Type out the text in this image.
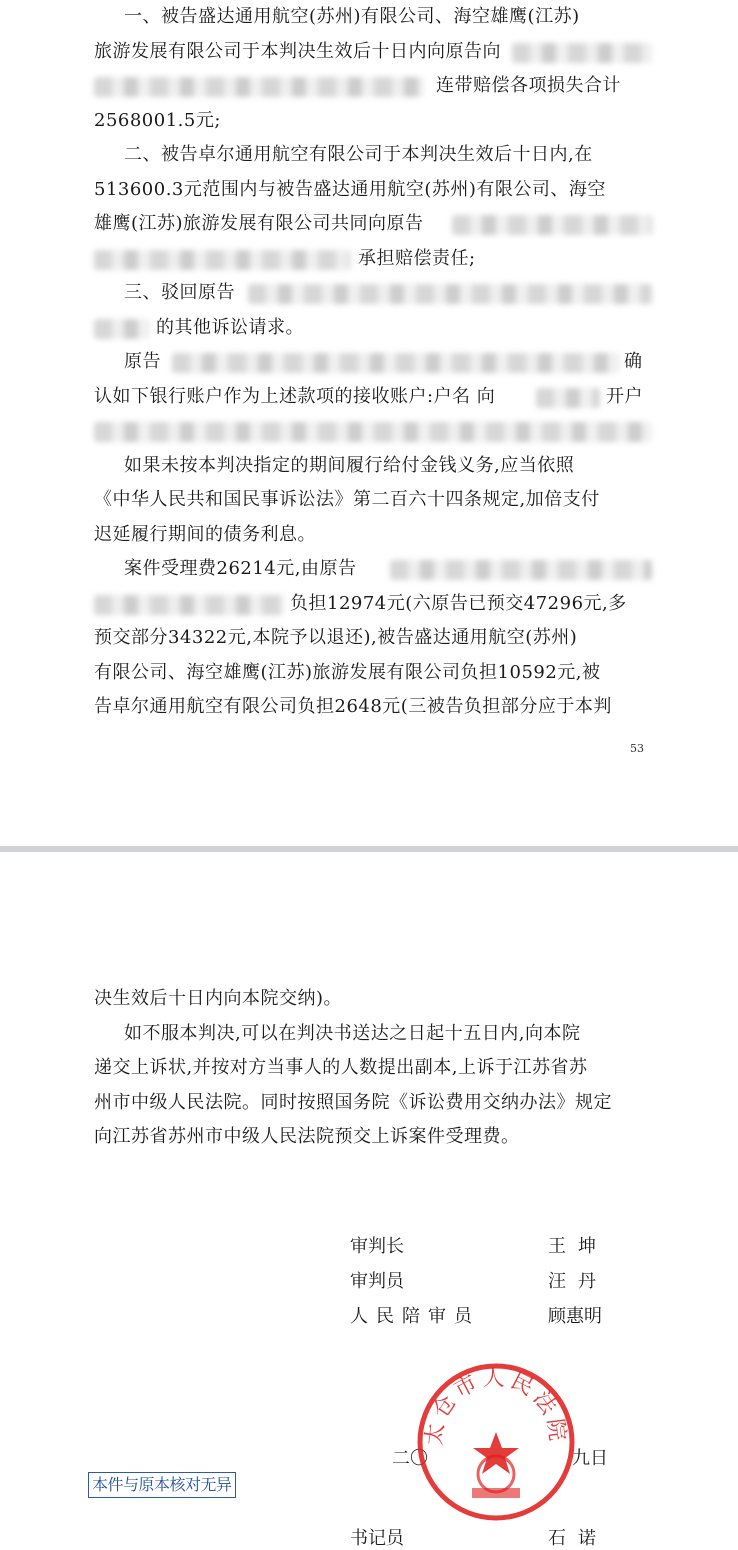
一、被告盛达通用航空(苏州)有限公司、海空雄鹰(江苏)
旅游发展有限公司于本判决生效后十日内向原告向
连带赔偿各项损失合计
2568001.5元;
二、被告卓尔通用航空有限公司于本判决生效后十日内,在
513600.3元范围内与被告盛达通用航空(苏州)有限公司、海空
雄鹰(江苏)旅游发展有限公司共同向原告
承担赔偿责任;
三、驳回原告
的其他诉讼请求。
原告	确
认如下银行账户作为上述款项的接收账户:户名 向	开户
如果未按本判决指定的期间履行给付金钱义务,应当依照
《中华人民共和国民事诉讼法》第二百六十四条规定,加倍支付
迟延履行期间的债务利息。
案件受理费26214元,由原告
负担12974元(六原告已预交47296元,多
预交部分34322元,本院予以退还),被告盛达通用航空(苏州)
有限公司、海空雄鹰(江苏)旅游发展有限公司负担10592元,被
告卓尔通用航空有限公司负担2648元(三被告负担部分应于本判
53
决生效后十日内向本院交纳)。
如不服本判决,可以在判决书送达之日起十五日内,向本院
递交上诉状,并按对方当事人的人数提出副本,上诉于江苏省苏
州市中级人民法院。同时按照国务院《诉讼费用交纳办法》规定
向江苏省苏州市中级人民法院预交上诉案件受理费。
审判长	王坤
审判员	汪丹
人民陪审员	顾惠明
书记员	石诺
二〇	九日
太仓市人民法院
本件与原本核对无异
